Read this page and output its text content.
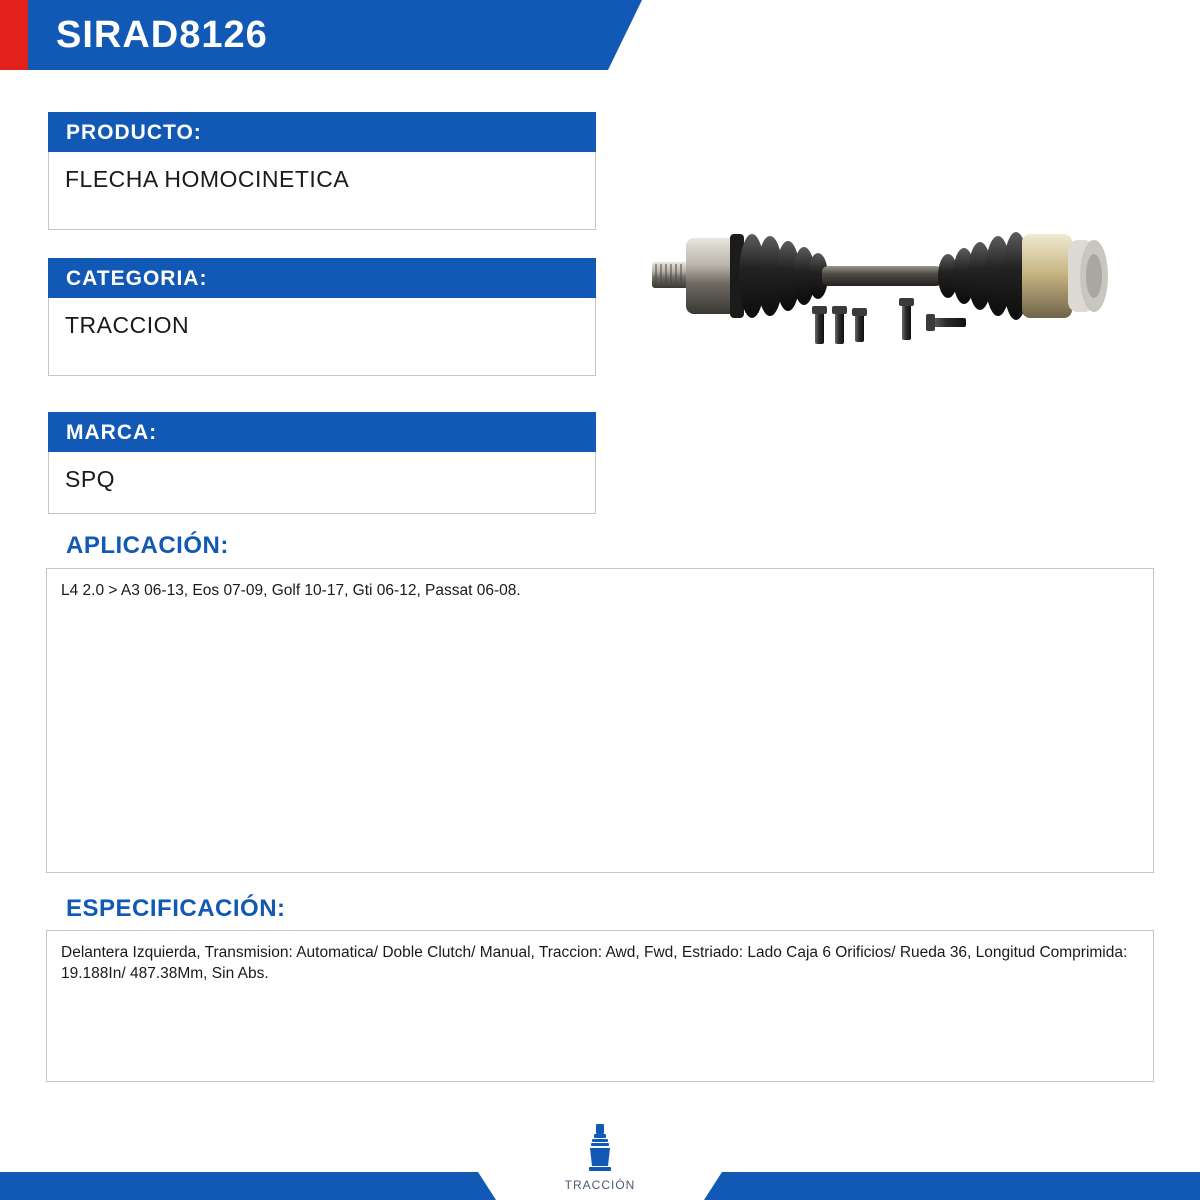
SIRAD8126
PRODUCTO:
FLECHA HOMOCINETICA
CATEGORIA:
TRACCION
MARCA:
SPQ
APLICACIÓN:
L4 2.0 > A3 06-13, Eos 07-09, Golf 10-17, Gti 06-12, Passat 06-08.
ESPECIFICACIÓN:
Delantera Izquierda, Transmision: Automatica/ Doble Clutch/ Manual, Traccion: Awd, Fwd, Estriado: Lado Caja 6 Orificios/ Rueda 36, Longitud Comprimida: 19.188In/ 487.38Mm, Sin Abs.
TRACCIÓN
